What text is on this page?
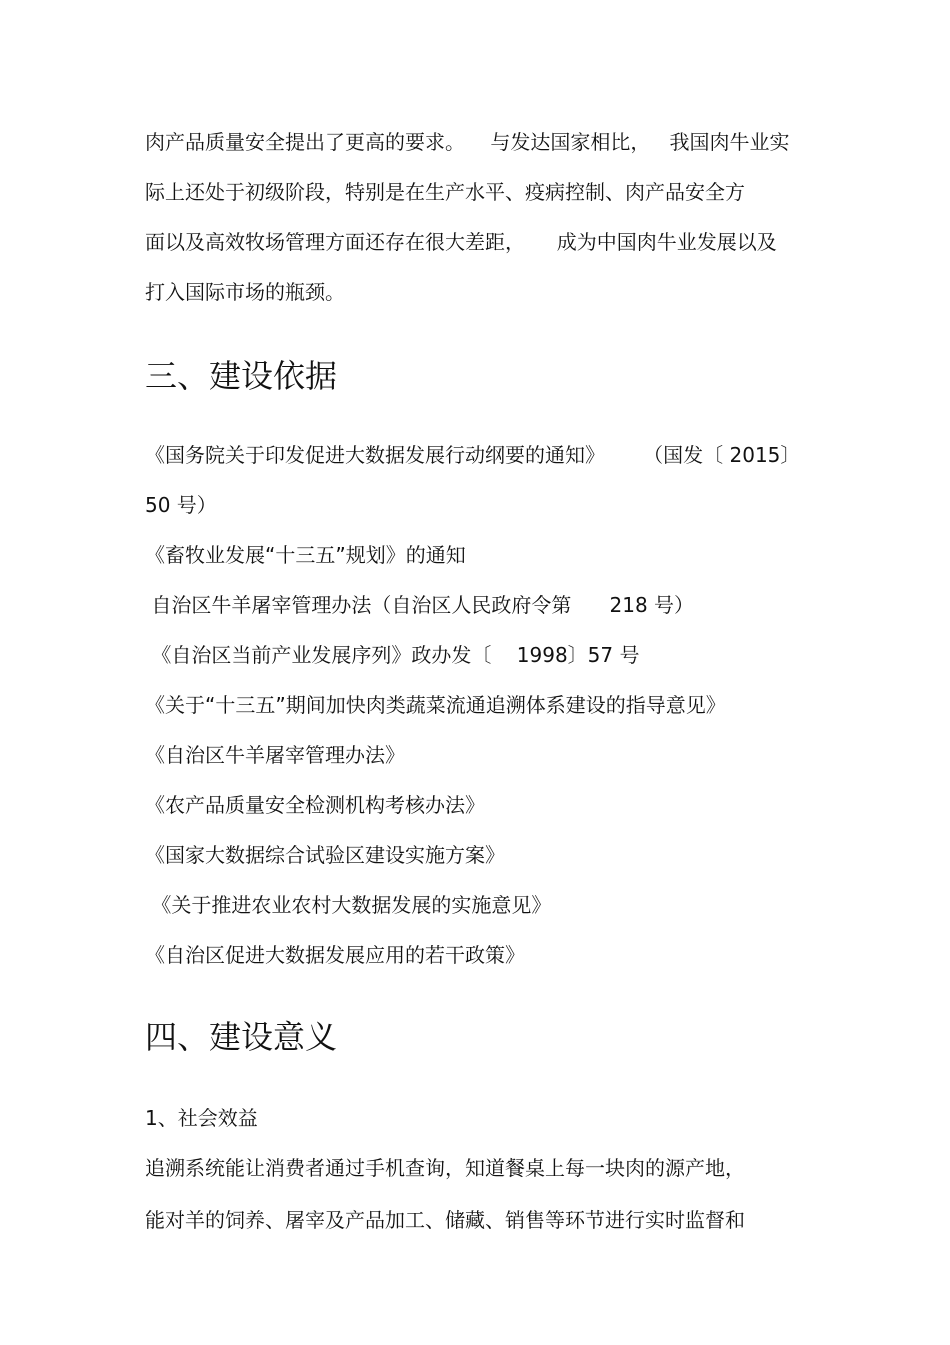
肉产品质量安全提出了更高的要求。    与发达国家相比，   我国肉牛业实
际上还处于初级阶段，特别是在生产水平、疫病控制、肉产品安全方
面以及高效牧场管理方面还存在很大差距，     成为中国肉牛业发展以及
打入国际市场的瓶颈。
三、建设依据
《国务院关于印发促进大数据发展行动纲要的通知》      （国发〔 2015〕
50 号）
《畜牧业发展“十三五”规划》的通知
自治区牛羊屠宰管理办法（自治区人民政府令第      218 号）
《自治区当前产业发展序列》政办发〔    1998〕57 号
《关于“十三五”期间加快肉类蔬菜流通追溯体系建设的指导意见》
《自治区牛羊屠宰管理办法》
《农产品质量安全检测机构考核办法》
《国家大数据综合试验区建设实施方案》
《关于推进农业农村大数据发展的实施意见》
《自治区促进大数据发展应用的若干政策》
四、建设意义
1、社会效益
追溯系统能让消费者通过手机查询，知道餐桌上每一块肉的源产地，
能对羊的饲养、屠宰及产品加工、储藏、销售等环节进行实时监督和
